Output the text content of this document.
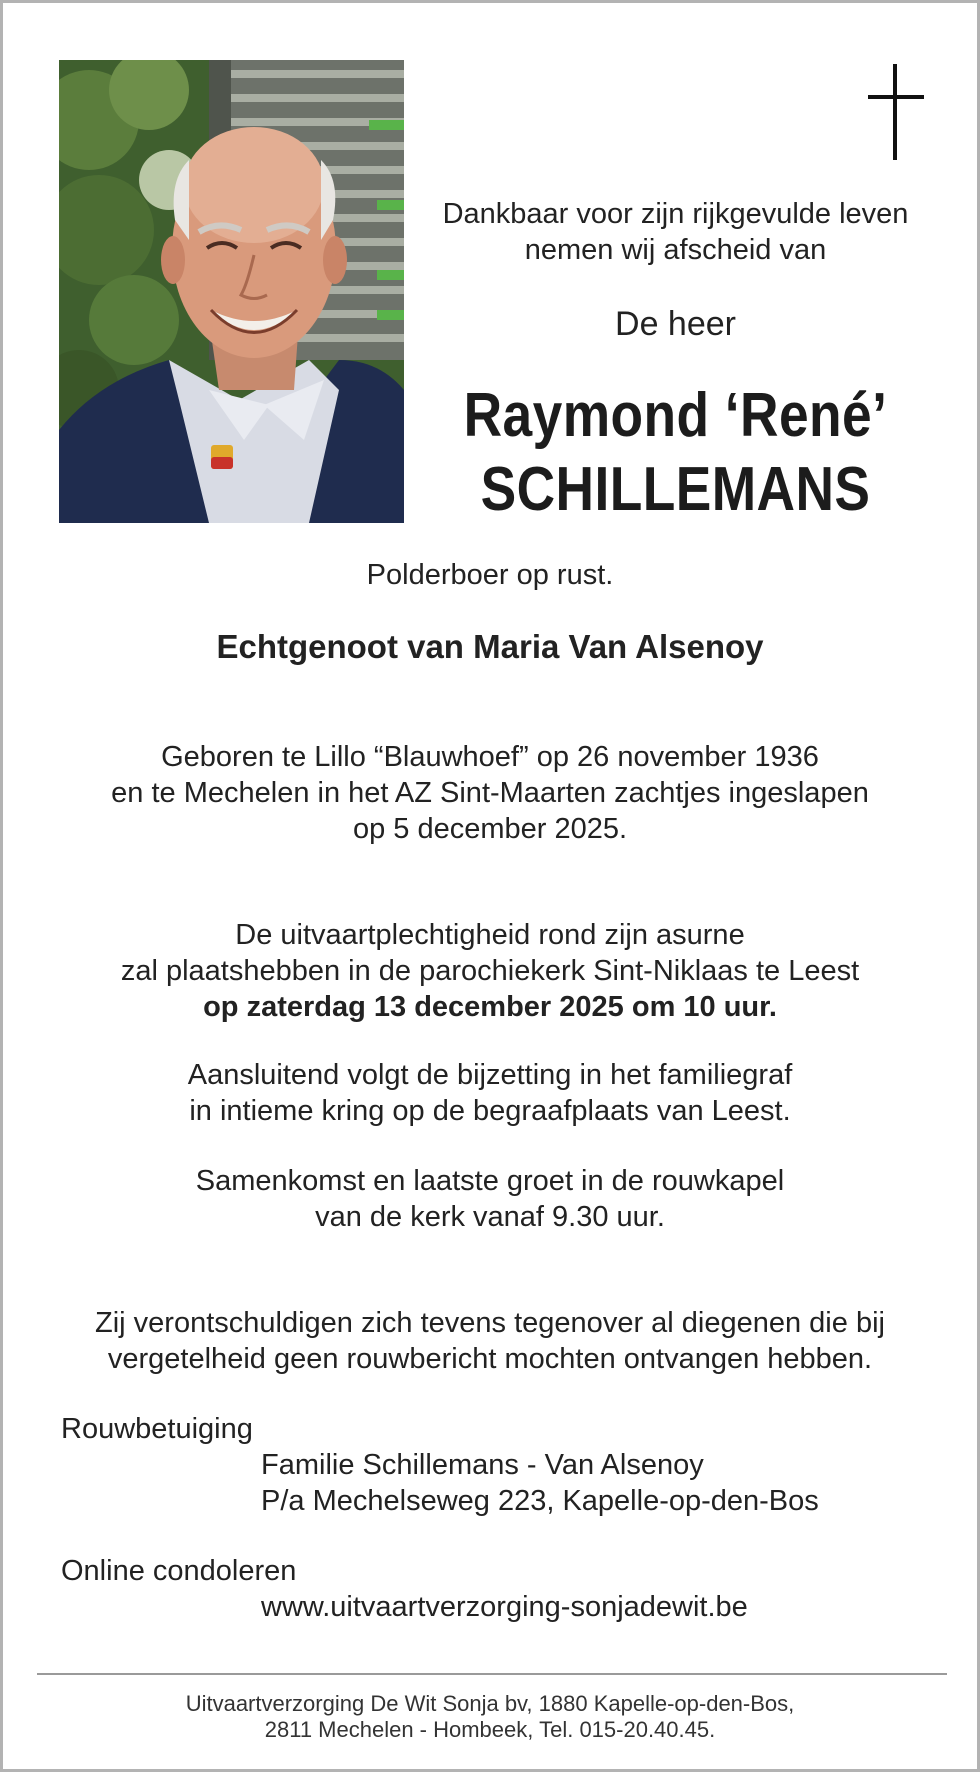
Dankbaar voor zijn rijkgevulde leven
nemen wij afscheid van

De heer

Raymond ‘René’
SCHILLEMANS

Polderboer op rust.

Echtgenoot van Maria Van Alsenoy

Geboren te Lillo “Blauwhoef” op 26 november 1936
en te Mechelen in het AZ Sint-Maarten zachtjes ingeslapen
op 5 december 2025.

De uitvaartplechtigheid rond zijn asurne
zal plaatshebben in de parochiekerk Sint-Niklaas te Leest
op zaterdag 13 december 2025 om 10 uur.

Aansluitend volgt de bijzetting in het familiegraf
in intieme kring op de begraafplaats van Leest.

Samenkomst en laatste groet in de rouwkapel
van de kerk vanaf 9.30 uur.

Zij verontschuldigen zich tevens tegenover al diegenen die bij
vergetelheid geen rouwbericht mochten ontvangen hebben.

Rouwbetuiging

Familie Schillemans - Van Alsenoy

P/a Mechelseweg 223, Kapelle-op-den-Bos

Online condoleren

www.uitvaartverzorging-sonjadewit.be

Uitvaartverzorging De Wit Sonja bv, 1880 Kapelle-op-den-Bos,
2811 Mechelen - Hombeek, Tel. 015-20.40.45.
